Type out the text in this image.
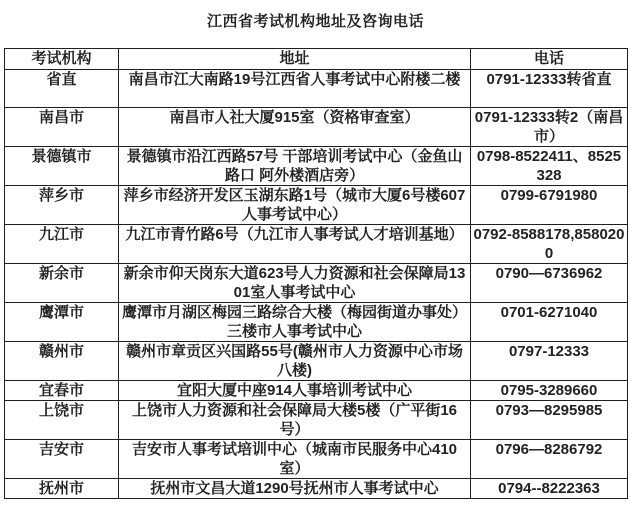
江西省考试机构地址及咨询电话
考试机构	地址	电话
省直	南昌市江大南路19号江西省人事考试中心附楼二楼	0791-12333转省直
南昌市	南昌市人社大厦915室（资格审查室）	0791-12333转2（南昌市）
景德镇市	景德镇市沿江西路57号 干部培训考试中心（金鱼山路口 阿外楼酒店旁）	0798-8522411、8525328
萍乡市	萍乡市经济开发区玉湖东路1号（城市大厦6号楼607人事考试中心）	0799-6791980
九江市	九江市青竹路6号（九江市人事考试人才培训基地）	0792-8588178,8580200
新余市	新余市仰天岗东大道623号人力资源和社会保障局1301室人事考试中心	0790—6736962
鹰潭市	鹰潭市月湖区梅园三路综合大楼（梅园街道办事处）三楼市人事考试中心	0701-6271040
赣州市	赣州市章贡区兴国路55号(赣州市人力资源中心市场八楼)	0797-12333
宜春市	宜阳大厦中座914人事培训考试中心	0795-3289660
上饶市	上饶市人力资源和社会保障局大楼5楼（广平街16号）	0793—8295985
吉安市	吉安市人事考试培训中心（城南市民服务中心410室）	0796—8286792
抚州市	抚州市文昌大道1290号抚州市人事考试中心	0794--8222363
